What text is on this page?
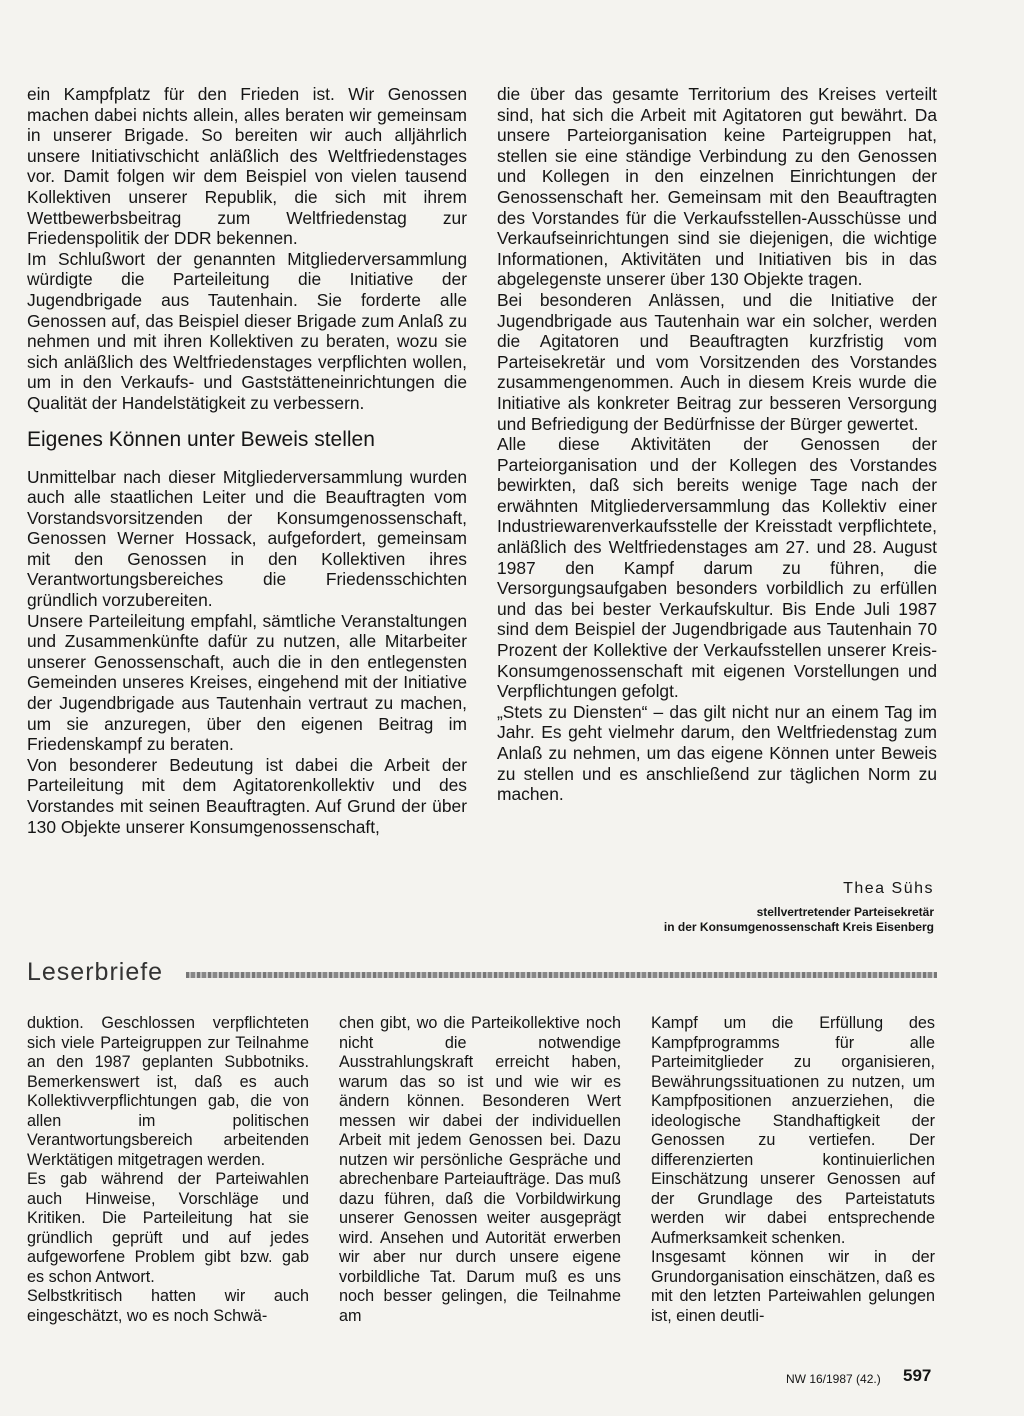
ein Kampfplatz für den Frieden ist. Wir Genossen machen dabei nichts allein, alles beraten wir gemeinsam in unserer Brigade. So bereiten wir auch alljährlich unsere Initiativschicht anläßlich des Weltfriedenstages vor. Damit folgen wir dem Beispiel von vielen tausend Kollektiven unserer Republik, die sich mit ihrem Wettbewerbsbeitrag zum Weltfriedenstag zur Friedenspolitik der DDR bekennen.

Im Schlußwort der genannten Mitgliederversammlung würdigte die Parteileitung die Initiative der Jugendbrigade aus Tautenhain. Sie forderte alle Genossen auf, das Beispiel dieser Brigade zum Anlaß zu nehmen und mit ihren Kollektiven zu beraten, wozu sie sich anläßlich des Weltfriedenstages verpflichten wollen, um in den Verkaufs- und Gaststätteneinrichtungen die Qualität der Handelstätigkeit zu verbessern.

Eigenes Können unter Beweis stellen

Unmittelbar nach dieser Mitgliederversammlung wurden auch alle staatlichen Leiter und die Beauftragten vom Vorstandsvorsitzenden der Konsumgenossenschaft, Genossen Werner Hossack, aufgefordert, gemeinsam mit den Genossen in den Kollektiven ihres Verantwortungsbereiches die Friedensschichten gründlich vorzubereiten.

Unsere Parteileitung empfahl, sämtliche Veranstaltungen und Zusammenkünfte dafür zu nutzen, alle Mitarbeiter unserer Genossenschaft, auch die in den entlegensten Gemeinden unseres Kreises, eingehend mit der Initiative der Jugendbrigade aus Tautenhain vertraut zu machen, um sie anzuregen, über den eigenen Beitrag im Friedenskampf zu beraten.

Von besonderer Bedeutung ist dabei die Arbeit der Parteileitung mit dem Agitatorenkollektiv und des Vorstandes mit seinen Beauftragten. Auf Grund der über 130 Objekte unserer Konsumgenossenschaft,

die über das gesamte Territorium des Kreises verteilt sind, hat sich die Arbeit mit Agitatoren gut bewährt. Da unsere Parteiorganisation keine Parteigruppen hat, stellen sie eine ständige Verbindung zu den Genossen und Kollegen in den einzelnen Einrichtungen der Genossenschaft her. Gemeinsam mit den Beauftragten des Vorstandes für die Verkaufsstellen-Ausschüsse und Verkaufseinrichtungen sind sie diejenigen, die wichtige Informationen, Aktivitäten und Initiativen bis in das abgelegenste unserer über 130 Objekte tragen.

Bei besonderen Anlässen, und die Initiative der Jugendbrigade aus Tautenhain war ein solcher, werden die Agitatoren und Beauftragten kurzfristig vom Parteisekretär und vom Vorsitzenden des Vorstandes zusammengenommen. Auch in diesem Kreis wurde die Initiative als konkreter Beitrag zur besseren Versorgung und Befriedigung der Bedürfnisse der Bürger gewertet.

Alle diese Aktivitäten der Genossen der Parteiorganisation und der Kollegen des Vorstandes bewirkten, daß sich bereits wenige Tage nach der erwähnten Mitgliederversammlung das Kollektiv einer Industriewarenverkaufsstelle der Kreisstadt verpflichtete, anläßlich des Weltfriedenstages am 27. und 28. August 1987 den Kampf darum zu führen, die Versorgungsaufgaben besonders vorbildlich zu erfüllen und das bei bester Verkaufskultur. Bis Ende Juli 1987 sind dem Beispiel der Jugendbrigade aus Tautenhain 70 Prozent der Kollektive der Verkaufsstellen unserer Kreis-Konsumgenossenschaft mit eigenen Vorstellungen und Verpflichtungen gefolgt.

„Stets zu Diensten“ – das gilt nicht nur an einem Tag im Jahr. Es geht vielmehr darum, den Weltfriedenstag zum Anlaß zu nehmen, um das eigene Können unter Beweis zu stellen und es anschließend zur täglichen Norm zu machen.

Thea Sühs
stellvertretender Parteisekretär
in der Konsumgenossenschaft Kreis Eisenberg
Leserbriefe

duktion. Geschlossen verpflichteten sich viele Parteigruppen zur Teilnahme an den 1987 geplanten Subbotniks. Bemerkenswert ist, daß es auch Kollektivverpflichtungen gab, die von allen im politischen Verantwortungsbereich arbeitenden Werktätigen mitgetragen werden.

Es gab während der Parteiwahlen auch Hinweise, Vorschläge und Kritiken. Die Parteileitung hat sie gründlich geprüft und auf jedes aufgeworfene Problem gibt bzw. gab es schon Antwort.

Selbstkritisch hatten wir auch eingeschätzt, wo es noch Schwä-

chen gibt, wo die Parteikollektive noch nicht die notwendige Ausstrahlungskraft erreicht haben, warum das so ist und wie wir es ändern können. Besonderen Wert messen wir dabei der individuellen Arbeit mit jedem Genossen bei. Dazu nutzen wir persönliche Gespräche und abrechenbare Parteiaufträge. Das muß dazu führen, daß die Vorbildwirkung unserer Genossen weiter ausgeprägt wird. Ansehen und Autorität erwerben wir aber nur durch unsere eigene vorbildliche Tat. Darum muß es uns noch besser gelingen, die Teilnahme am

Kampf um die Erfüllung des Kampfprogramms für alle Parteimitglieder zu organisieren, Bewährungssituationen zu nutzen, um Kampfpositionen anzuerziehen, die ideologische Standhaftigkeit der Genossen zu vertiefen. Der differenzierten kontinuierlichen Einschätzung unserer Genossen auf der Grundlage des Parteistatuts werden wir dabei entsprechende Aufmerksamkeit schenken.

Insgesamt können wir in der Grundorganisation einschätzen, daß es mit den letzten Parteiwahlen gelungen ist, einen deutli-

NW 16/1987 (42.) 597
